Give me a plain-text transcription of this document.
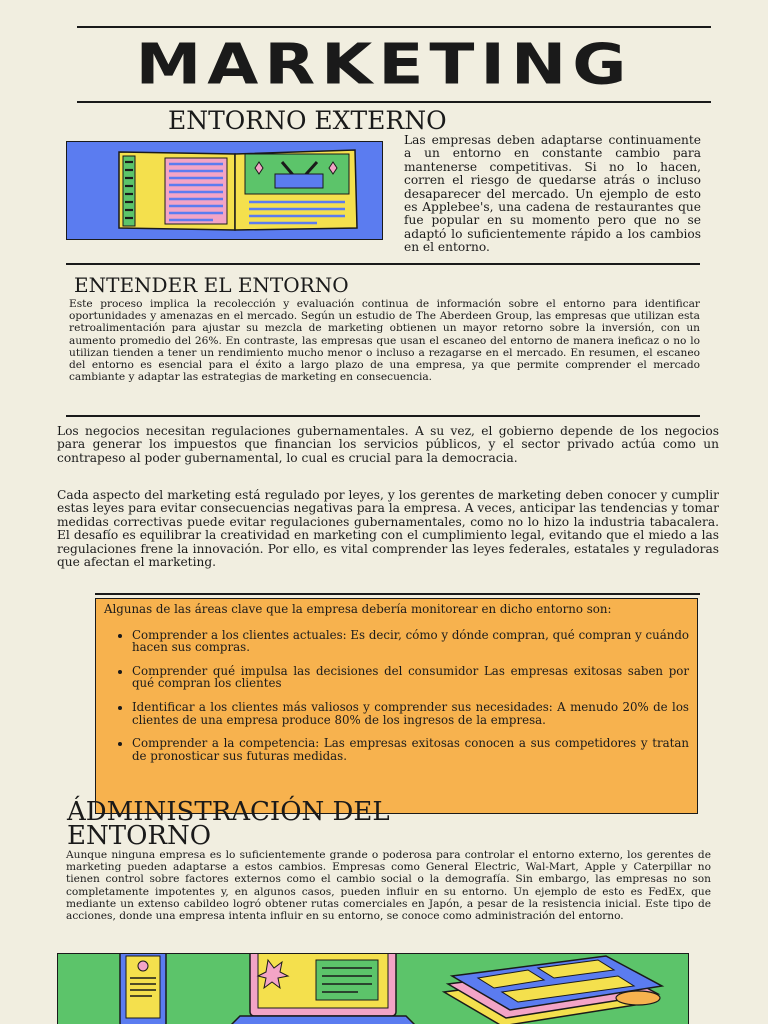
MARKETING
ENTORNO EXTERNO
Las empresas deben adaptarse continuamente a un entorno en constante cambio para mantenerse competitivas. Si no lo hacen, corren el riesgo de quedarse atrás o incluso desaparecer del mercado. Un ejemplo de esto es Applebee's, una cadena de restaurantes que fue popular en su momento pero que no se adaptó lo suficientemente rápido a los cambios en el entorno.
ENTENDER EL ENTORNO
Este proceso implica la recolección y evaluación continua de información sobre el entorno para identificar oportunidades y amenazas en el mercado. Según un estudio de The Aberdeen Group, las empresas que utilizan esta retroalimentación para ajustar su mezcla de marketing obtienen un mayor retorno sobre la inversión, con un aumento promedio del 26%. En contraste, las empresas que usan el escaneo del entorno de manera ineficaz o no lo utilizan tienden a tener un rendimiento mucho menor o incluso a rezagarse en el mercado. En resumen, el escaneo del entorno es esencial para el éxito a largo plazo de una empresa, ya que permite comprender el mercado cambiante y adaptar las estrategias de marketing en consecuencia.
Los negocios necesitan regulaciones gubernamentales. A su vez, el gobierno depende de los negocios para generar los impuestos que financian los servicios públicos, y el sector privado actúa como un contrapeso al poder gubernamental, lo cual es crucial para la democracia.
Cada aspecto del marketing está regulado por leyes, y los gerentes de marketing deben conocer y cumplir estas leyes para evitar consecuencias negativas para la empresa. A veces, anticipar las tendencias y tomar medidas correctivas puede evitar regulaciones gubernamentales, como no lo hizo la industria tabacalera. El desafío es equilibrar la creatividad en marketing con el cumplimiento legal, evitando que el miedo a las regulaciones frene la innovación. Por ello, es vital comprender las leyes federales, estatales y reguladoras que afectan el marketing.
Algunas de las áreas clave que la empresa debería monitorear en dicho entorno son:
• Comprender a los clientes actuales: Es decir, cómo y dónde compran, qué compran y cuándo hacen sus compras.
• Comprender qué impulsa las decisiones del consumidor Las empresas exitosas saben por qué compran los clientes
• Identificar a los clientes más valiosos y comprender sus necesidades: A menudo 20% de los clientes de una empresa produce 80% de los ingresos de la empresa.
• Comprender a la competencia: Las empresas exitosas conocen a sus competidores y tratan de pronosticar sus futuras medidas.
ÁDMINISTRACIÓN DEL
ENTORNO
Aunque ninguna empresa es lo suficientemente grande o poderosa para controlar el entorno externo, los gerentes de marketing pueden adaptarse a estos cambios. Empresas como General Electric, Wal-Mart, Apple y Caterpillar no tienen control sobre factores externos como el cambio social o la demografía. Sin embargo, las empresas no son completamente impotentes y, en algunos casos, pueden influir en su entorno. Un ejemplo de esto es FedEx, que mediante un extenso cabildeo logró obtener rutas comerciales en Japón, a pesar de la resistencia inicial. Este tipo de acciones, donde una empresa intenta influir en su entorno, se conoce como administración del entorno.
